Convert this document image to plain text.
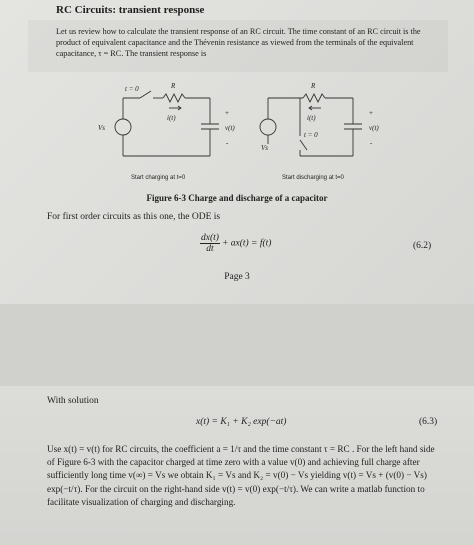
RC Circuits: transient response
Let us review how to calculate the transient response of an RC circuit. The time constant of an RC circuit is the product of equivalent capacitance and the Thévenin resistance as viewed from the terminals of the equivalent capacitance, τ = RC. The transient response is
t = 0	R
i(t)
Vs
+
v(t)
-
R
i(t)
t = 0
Vs
+
v(t)
-
Start charging at t=0	Start discharging at t=0
Figure 6-3 Charge and discharge of a capacitor
For first order circuits as this one, the ODE is
$\frac{dx(t)}{dt} + ax(t) = f(t)$	(6.2)
Page 3
With solution
x(t) = K₁ + K₂ exp(−at)	(6.3)
Use x(t) = v(t) for RC circuits, the coefficient a = 1/τ and the time constant τ = RC . For the left hand side of Figure 6-3 with the capacitor charged at time zero with a value v(0) and achieving full charge after sufficiently long time v(∞) = Vs we obtain K₁ = Vs and K₂ = v(0) − Vs yielding v(t) = Vs + (v(0) − Vs) exp(−t/τ). For the circuit on the right-hand side v(t) = v(0) exp(−t/τ). We can write a matlab function to facilitate visualization of charging and discharging.
